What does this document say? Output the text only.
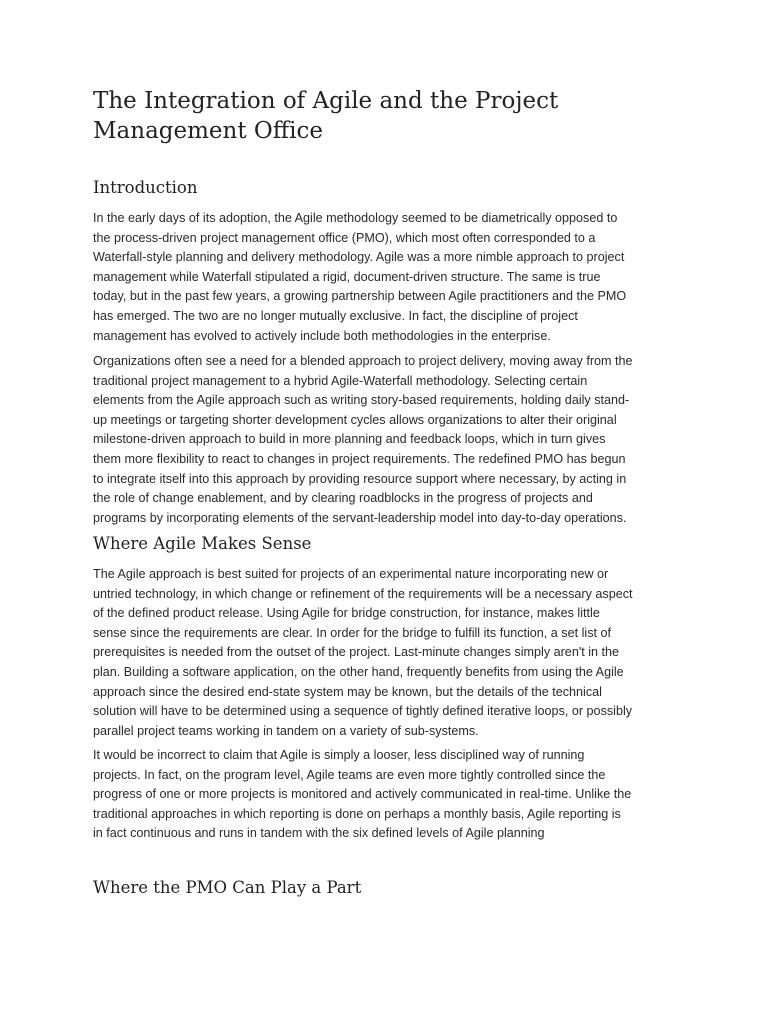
The Integration of Agile and the Project
Management Office
Introduction

In the early days of its adoption, the Agile methodology seemed to be diametrically opposed to
the process-driven project management office (PMO), which most often corresponded to a
Waterfall-style planning and delivery methodology. Agile was a more nimble approach to project
management while Waterfall stipulated a rigid, document-driven structure. The same is true
today, but in the past few years, a growing partnership between Agile practitioners and the PMO
has emerged. The two are no longer mutually exclusive. In fact, the discipline of project
management has evolved to actively include both methodologies in the enterprise.

Organizations often see a need for a blended approach to project delivery, moving away from the
traditional project management to a hybrid Agile-Waterfall methodology. Selecting certain
elements from the Agile approach such as writing story-based requirements, holding daily stand-
up meetings or targeting shorter development cycles allows organizations to alter their original
milestone-driven approach to build in more planning and feedback loops, which in turn gives
them more flexibility to react to changes in project requirements. The redefined PMO has begun
to integrate itself into this approach by providing resource support where necessary, by acting in
the role of change enablement, and by clearing roadblocks in the progress of projects and
programs by incorporating elements of the servant-leadership model into day-to-day operations.

Where Agile Makes Sense

The Agile approach is best suited for projects of an experimental nature incorporating new or
untried technology, in which change or refinement of the requirements will be a necessary aspect
of the defined product release. Using Agile for bridge construction, for instance, makes little
sense since the requirements are clear. In order for the bridge to fulfill its function, a set list of
prerequisites is needed from the outset of the project. Last-minute changes simply aren't in the
plan. Building a software application, on the other hand, frequently benefits from using the Agile
approach since the desired end-state system may be known, but the details of the technical
solution will have to be determined using a sequence of tightly defined iterative loops, or possibly
parallel project teams working in tandem on a variety of sub-systems.

It would be incorrect to claim that Agile is simply a looser, less disciplined way of running
projects. In fact, on the program level, Agile teams are even more tightly controlled since the
progress of one or more projects is monitored and actively communicated in real-time. Unlike the
traditional approaches in which reporting is done on perhaps a monthly basis, Agile reporting is
in fact continuous and runs in tandem with the six defined levels of Agile planning

Where the PMO Can Play a Part
